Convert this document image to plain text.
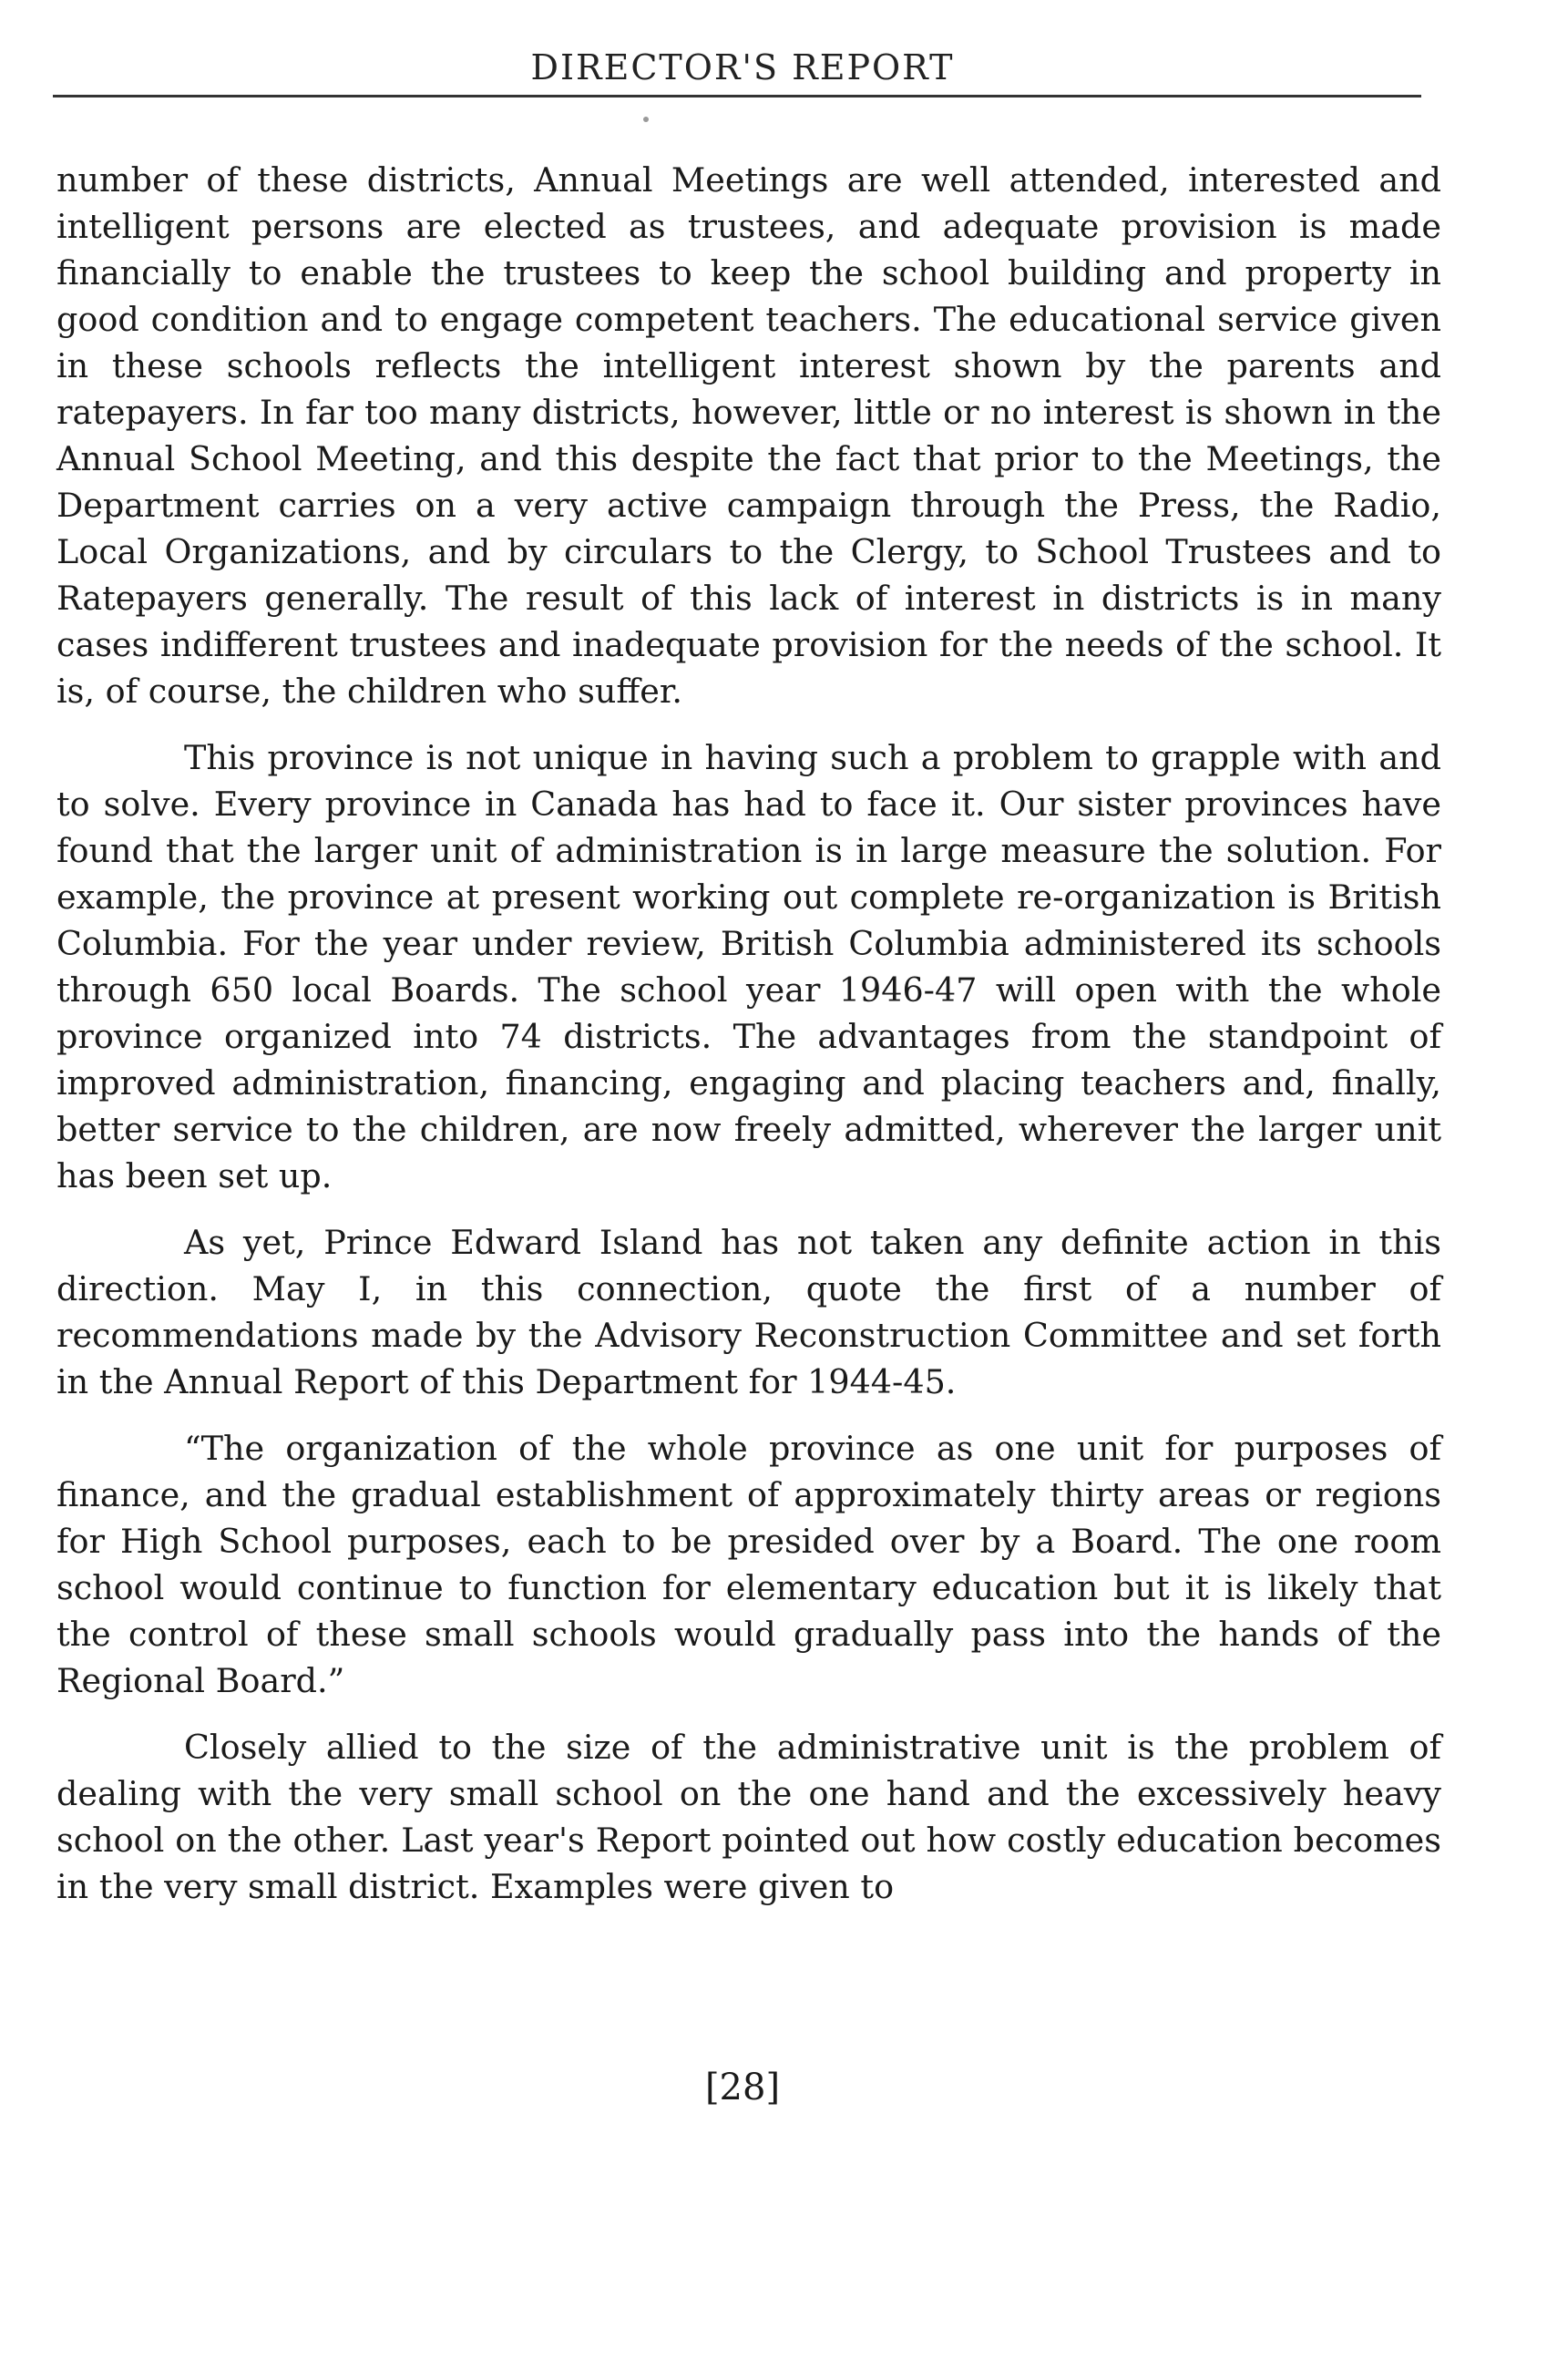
DIRECTOR'S REPORT

number of these districts, Annual Meetings are well attended, interested and intelligent persons are elected as trustees, and adequate provision is made financially to enable the trustees to keep the school building and property in good condition and to engage competent teachers. The educational service given in these schools reflects the intelligent interest shown by the parents and ratepayers. In far too many districts, however, little or no interest is shown in the Annual School Meeting, and this despite the fact that prior to the Meetings, the Department carries on a very active campaign through the Press, the Radio, Local Organizations, and by circulars to the Clergy, to School Trustees and to Ratepayers generally. The result of this lack of interest in districts is in many cases indifferent trustees and inadequate provision for the needs of the school. It is, of course, the children who suffer.

This province is not unique in having such a problem to grapple with and to solve. Every province in Canada has had to face it. Our sister provinces have found that the larger unit of administration is in large measure the solution. For example, the province at present working out complete re-organization is British Columbia. For the year under review, British Columbia administered its schools through 650 local Boards. The school year 1946-47 will open with the whole province organized into 74 districts. The advantages from the standpoint of improved administration, financing, engaging and placing teachers and, finally, better service to the children, are now freely admitted, wherever the larger unit has been set up.

As yet, Prince Edward Island has not taken any definite action in this direction. May I, in this connection, quote the first of a number of recommendations made by the Advisory Reconstruction Committee and set forth in the Annual Report of this Department for 1944-45.

“The organization of the whole province as one unit for purposes of finance, and the gradual establishment of approximately thirty areas or regions for High School purposes, each to be presided over by a Board. The one room school would continue to function for elementary education but it is likely that the control of these small schools would gradually pass into the hands of the Regional Board.”

Closely allied to the size of the administrative unit is the problem of dealing with the very small school on the one hand and the excessively heavy school on the other. Last year's Report pointed out how costly education becomes in the very small district. Examples were given to

[28]
